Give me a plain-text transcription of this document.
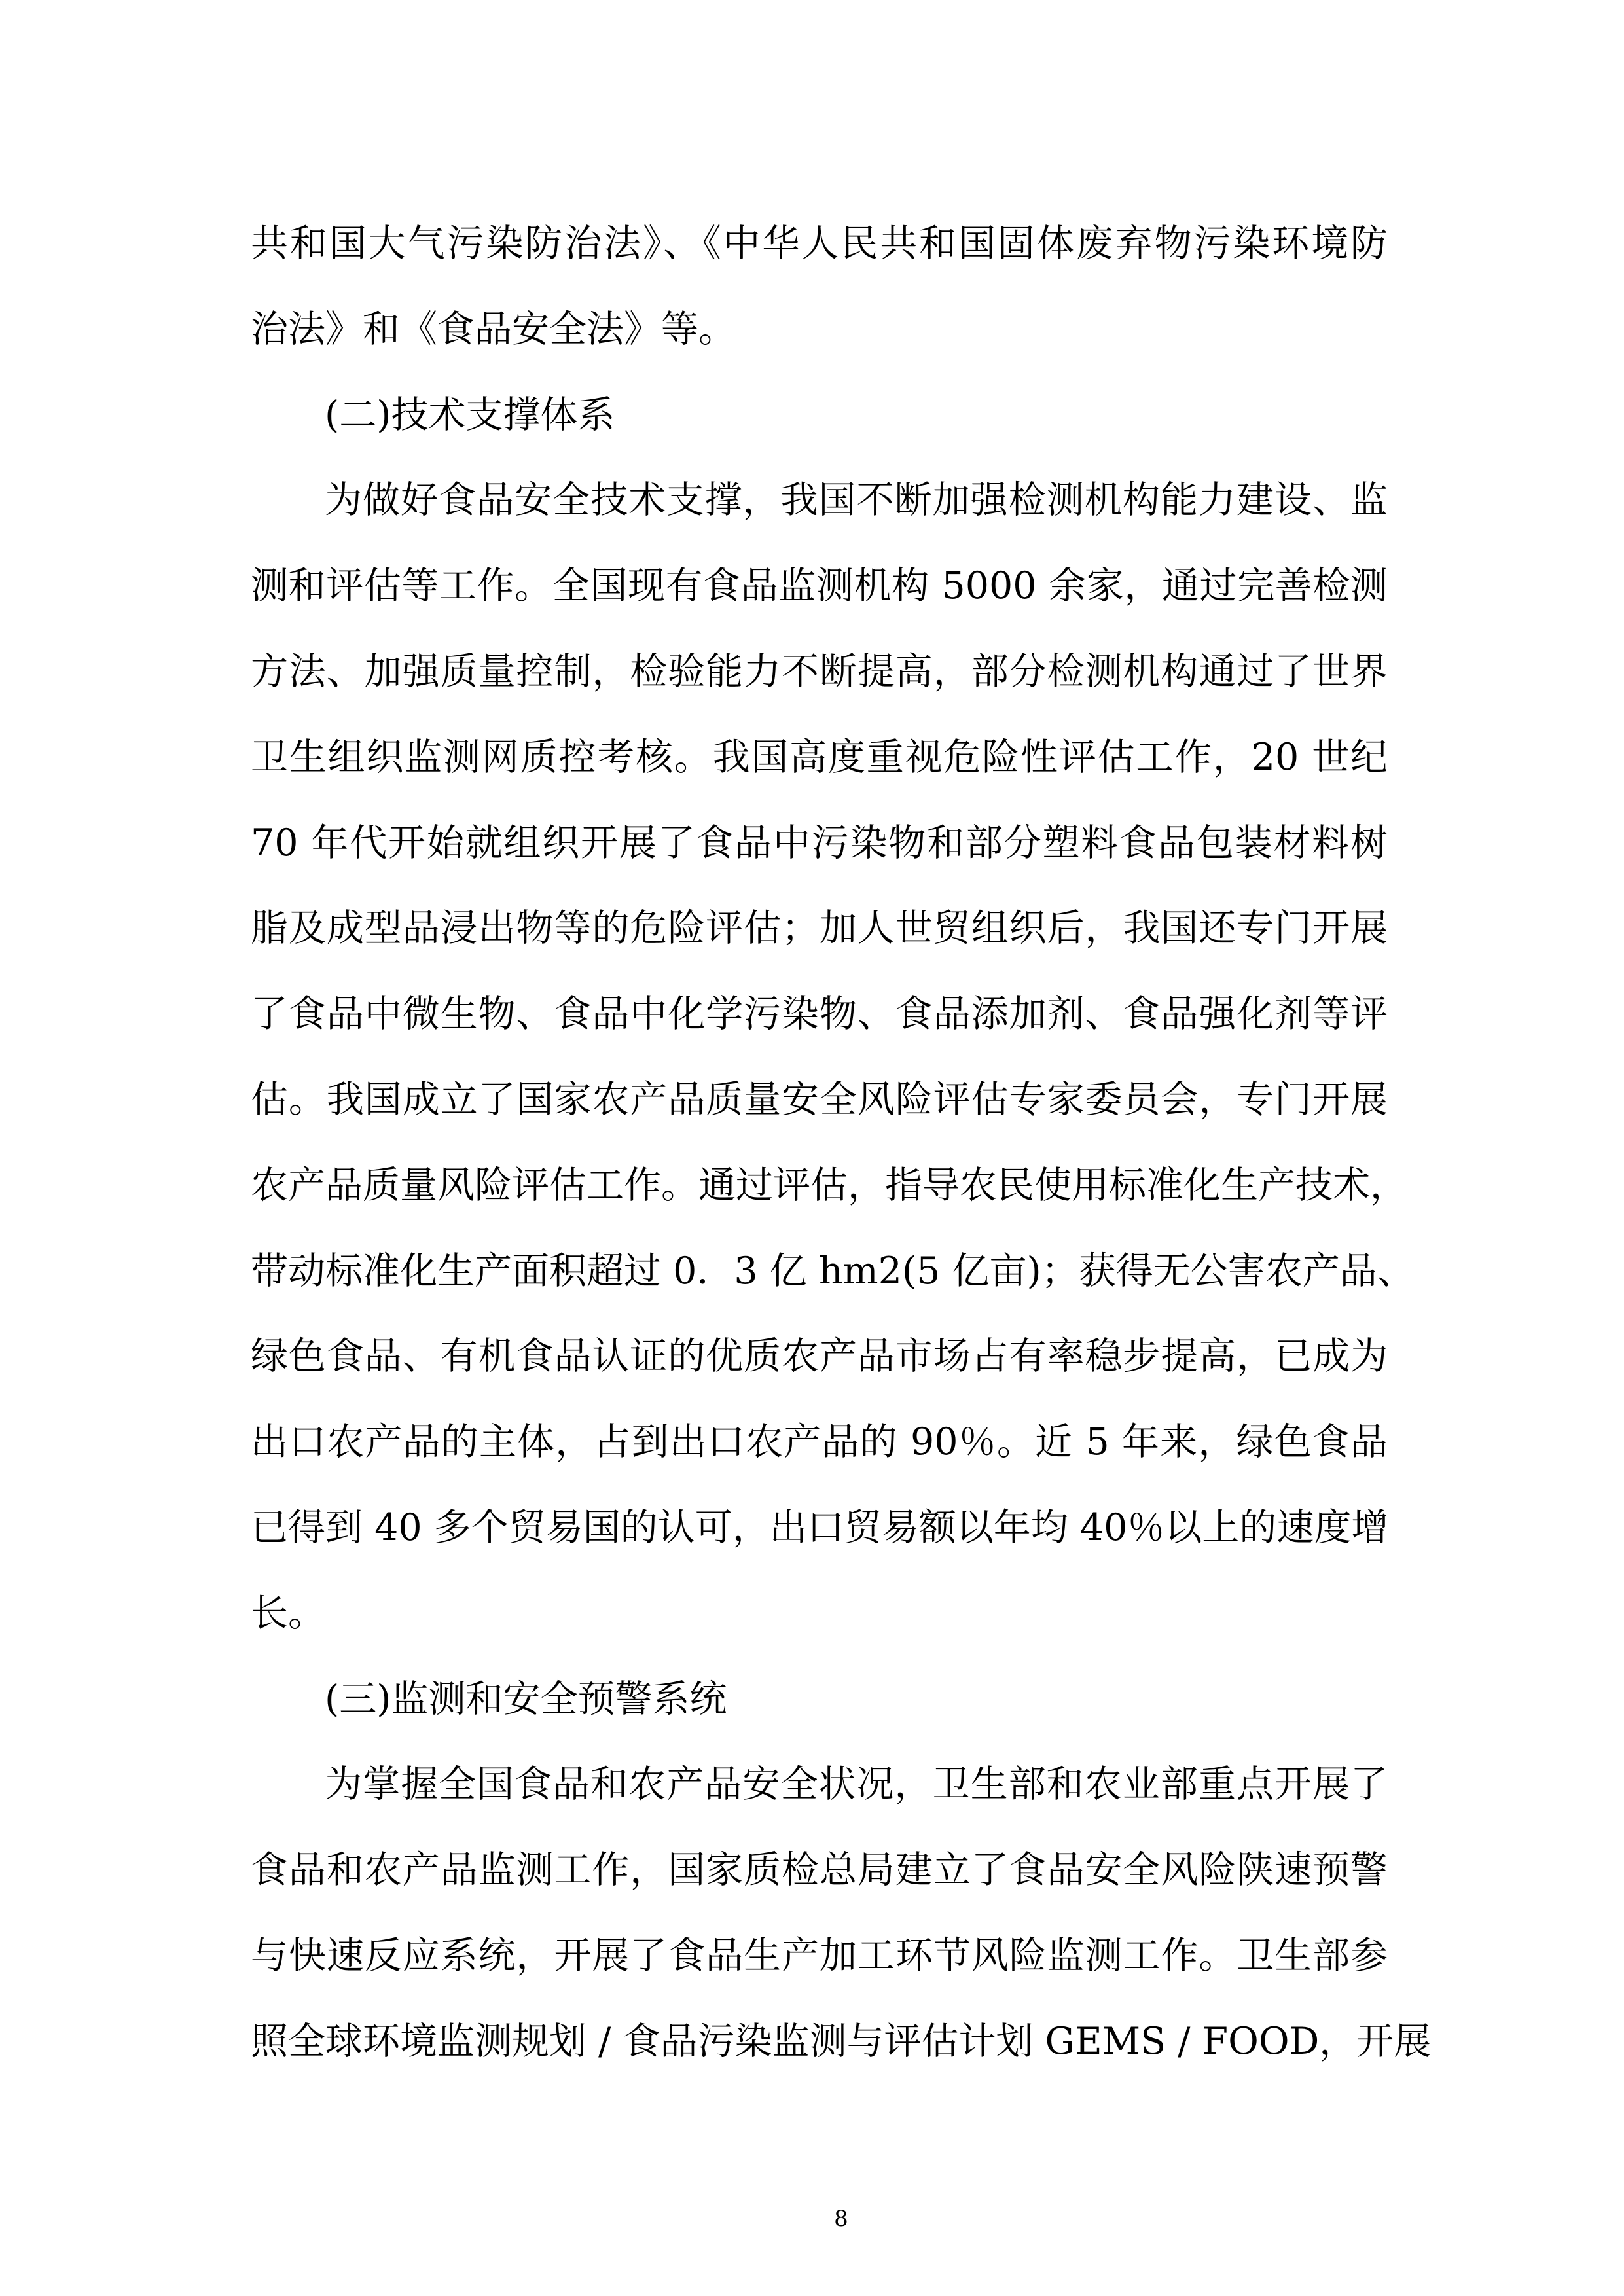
共和国大气污染防治法》、《中华人民共和国固体废弃物污染环境防
治法》和《食品安全法》等。
(二)技术支撑体系
为做好食品安全技术支撑，我国不断加强检测机构能力建设、监
测和评估等工作。全国现有食品监测机构 5000 余家，通过完善检测
方法、加强质量控制，检验能力不断提高，部分检测机构通过了世界
卫生组织监测网质控考核。我国高度重视危险性评估工作，20 世纪
70 年代开始就组织开展了食品中污染物和部分塑料食品包装材料树
脂及成型品浸出物等的危险评估；加人世贸组织后，我国还专门开展
了食品中微生物、食品中化学污染物、食品添加剂、食品强化剂等评
估。我国成立了国家农产品质量安全风险评估专家委员会，专门开展
农产品质量风险评估工作。通过评估，指导农民使用标准化生产技术，
带动标准化生产面积超过 0．3 亿 hm2(5 亿亩)；获得无公害农产品、
绿色食品、有机食品认证的优质农产品市场占有率稳步提高，已成为
出口农产品的主体，占到出口农产品的 90％。近 5 年来，绿色食品
已得到 40 多个贸易国的认可，出口贸易额以年均 40％以上的速度增
长。
(三)监测和安全预警系统
为掌握全国食品和农产品安全状况，卫生部和农业部重点开展了
食品和农产品监测工作，国家质检总局建立了食品安全风险陕速预警
与快速反应系统，开展了食品生产加工环节风险监测工作。卫生部参
照全球环境监测规划 / 食品污染监测与评估计划 GEMS / FOOD，开展
8
